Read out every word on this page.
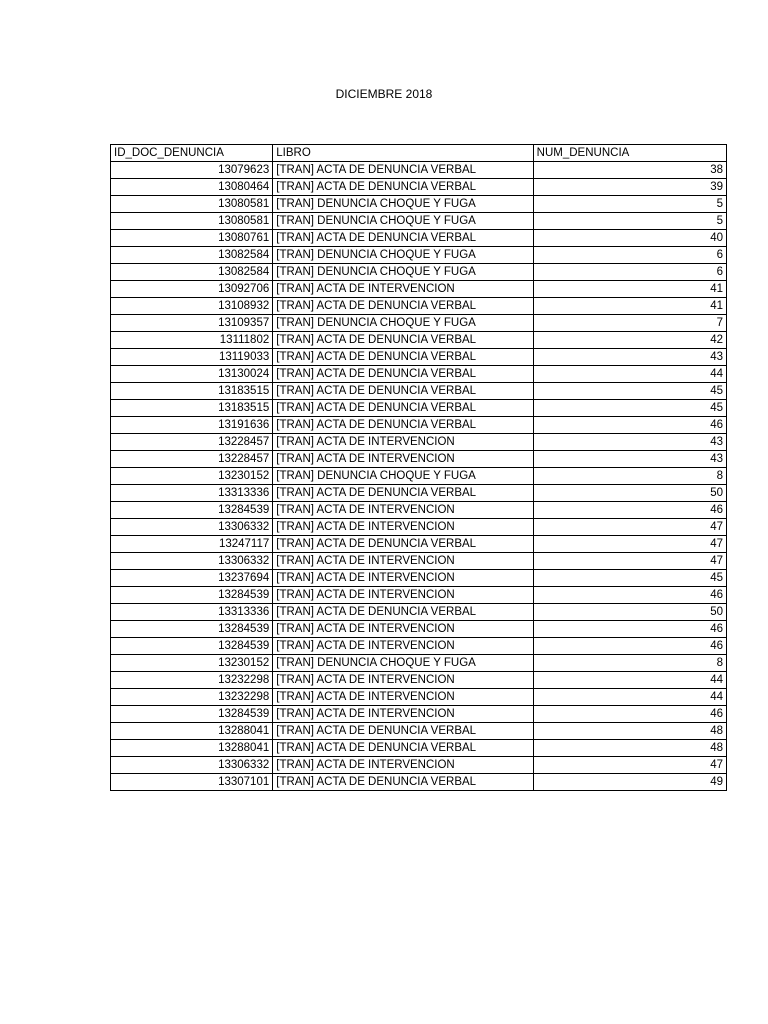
DICIEMBRE 2018
ID_DOC_DENUNCIA	LIBRO	NUM_DENUNCIA
13079623	[TRAN] ACTA DE DENUNCIA VERBAL	38
13080464	[TRAN] ACTA DE DENUNCIA VERBAL	39
13080581	[TRAN] DENUNCIA CHOQUE Y FUGA	5
13080581	[TRAN] DENUNCIA CHOQUE Y FUGA	5
13080761	[TRAN] ACTA DE DENUNCIA VERBAL	40
13082584	[TRAN] DENUNCIA CHOQUE Y FUGA	6
13082584	[TRAN] DENUNCIA CHOQUE Y FUGA	6
13092706	[TRAN] ACTA DE INTERVENCION	41
13108932	[TRAN] ACTA DE DENUNCIA VERBAL	41
13109357	[TRAN] DENUNCIA CHOQUE Y FUGA	7
13111802	[TRAN] ACTA DE DENUNCIA VERBAL	42
13119033	[TRAN] ACTA DE DENUNCIA VERBAL	43
13130024	[TRAN] ACTA DE DENUNCIA VERBAL	44
13183515	[TRAN] ACTA DE DENUNCIA VERBAL	45
13183515	[TRAN] ACTA DE DENUNCIA VERBAL	45
13191636	[TRAN] ACTA DE DENUNCIA VERBAL	46
13228457	[TRAN] ACTA DE INTERVENCION	43
13228457	[TRAN] ACTA DE INTERVENCION	43
13230152	[TRAN] DENUNCIA CHOQUE Y FUGA	8
13313336	[TRAN] ACTA DE DENUNCIA VERBAL	50
13284539	[TRAN] ACTA DE INTERVENCION	46
13306332	[TRAN] ACTA DE INTERVENCION	47
13247117	[TRAN] ACTA DE DENUNCIA VERBAL	47
13306332	[TRAN] ACTA DE INTERVENCION	47
13237694	[TRAN] ACTA DE INTERVENCION	45
13284539	[TRAN] ACTA DE INTERVENCION	46
13313336	[TRAN] ACTA DE DENUNCIA VERBAL	50
13284539	[TRAN] ACTA DE INTERVENCION	46
13284539	[TRAN] ACTA DE INTERVENCION	46
13230152	[TRAN] DENUNCIA CHOQUE Y FUGA	8
13232298	[TRAN] ACTA DE INTERVENCION	44
13232298	[TRAN] ACTA DE INTERVENCION	44
13284539	[TRAN] ACTA DE INTERVENCION	46
13288041	[TRAN] ACTA DE DENUNCIA VERBAL	48
13288041	[TRAN] ACTA DE DENUNCIA VERBAL	48
13306332	[TRAN] ACTA DE INTERVENCION	47
13307101	[TRAN] ACTA DE DENUNCIA VERBAL	49
